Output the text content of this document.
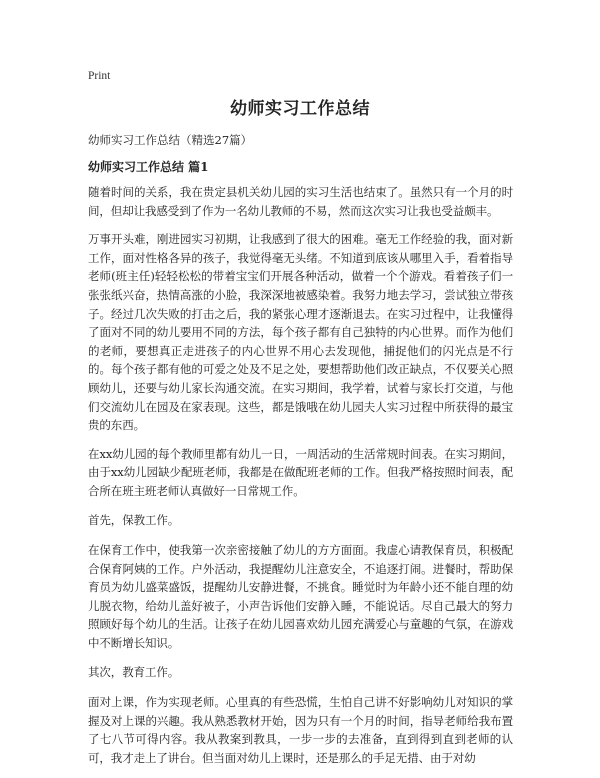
Print
幼师实习工作总结

幼师实习工作总结（精选27篇）

幼师实习工作总结 篇1

随着时间的关系，我在贵定县机关幼儿园的实习生活也结束了。虽然只有一个月的时间，但却让我感受到了作为一名幼儿教师的不易，然而这次实习让我也受益颇丰。

万事开头难，刚进园实习初期，让我感到了很大的困难。毫无工作经验的我，面对新工作，面对性格各异的孩子，我觉得毫无头绪。不知道到底该从哪里入手，看着指导老师(班主任)轻轻松松的带着宝宝们开展各种活动，做着一个个游戏。看着孩子们一张张纸兴奋，热情高涨的小脸，我深深地被感染着。我努力地去学习，尝试独立带孩子。经过几次失败的打击之后，我的紧张心理才逐渐退去。在实习过程中，让我懂得了面对不同的幼儿要用不同的方法，每个孩子都有自己独特的内心世界。而作为他们的老师，要想真正走进孩子的内心世界不用心去发现他，捕捉他们的闪光点是不行的。每个孩子都有他的可爱之处及不足之处，要想帮助他们改正缺点，不仅要关心照顾幼儿，还要与幼儿家长沟通交流。在实习期间，我学着，试着与家长打交道，与他们交流幼儿在园及在家表现。这些，都是饿哦在幼儿园夫人实习过程中所获得的最宝贵的东西。

在xx幼儿园的每个教师里都有幼儿一日，一周活动的生活常规时间表。在实习期间，由于xx幼儿园缺少配班老师，我都是在做配班老师的工作。但我严格按照时间表，配合所在班主班老师认真做好一日常规工作。

首先，保教工作。

在保育工作中，使我第一次亲密接触了幼儿的方方面面。我虚心请教保育员，积极配合保育阿姨的工作。户外活动，我提醒幼儿注意安全，不追逐打闹。进餐时，帮助保育员为幼儿盛菜盛饭，提醒幼儿安静进餐，不挑食。睡觉时为年龄小还不能自理的幼儿脱衣物，给幼儿盖好被子，小声告诉他们安静入睡，不能说话。尽自己最大的努力照顾好每个幼儿的生活。让孩子在幼儿园喜欢幼儿园充满爱心与童趣的气氛，在游戏中不断增长知识。

其次，教育工作。

面对上课，作为实现老师。心里真的有些恐慌，生怕自己讲不好影响幼儿对知识的掌握及对上课的兴趣。我从熟悉教材开始，因为只有一个月的时间，指导老师给我布置了七八节可得内容。我从教案到教具，一步一步的去准备，直到得到直到老师的认可，我才走上了讲台。但当面对幼儿上课时，还是那么的手足无措、由于对幼
